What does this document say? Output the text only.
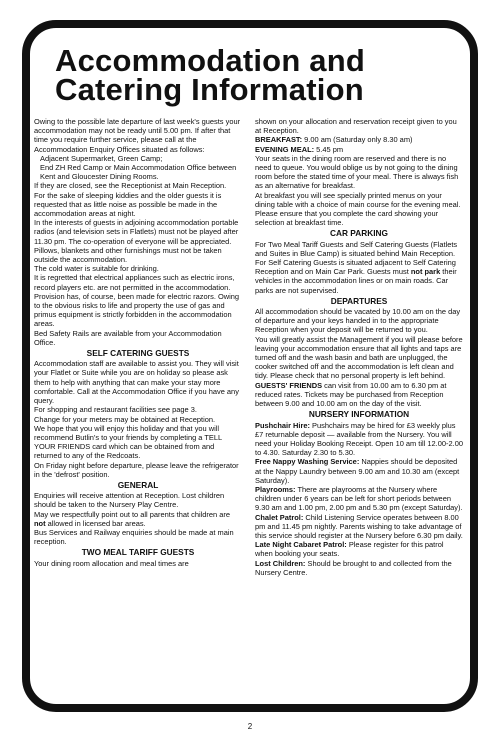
Accommodation and
Catering Information

Owing to the possible late departure of last week's guests your accommodation may not be ready until 5.00 pm. If after that time you require further service, please call at the Accommodation Enquiry Offices situated as follows:

Adjacent Supermarket, Green Camp;

End ZH Red Camp or Main Accommodation Office between Kent and Gloucester Dining Rooms.

If they are closed, see the Receptionist at Main Reception.

For the sake of sleeping kiddies and the older guests it is requested that as little noise as possible be made in the accommodation areas at night.

In the interests of guests in adjoining accommodation portable radios (and television sets in Flatlets) must not be played after 11.30 pm. The co-operation of everyone will be appreciated.

Pillows, blankets and other furnishings must not be taken outside the accommodation.

The cold water is suitable for drinking.

It is regretted that electrical appliances such as electric irons, record players etc. are not permitted in the accommodation. Provision has, of course, been made for electric razors. Owing to the obvious risks to life and property the use of gas and primus equipment is strictly forbidden in the accommodation areas.

Bed Safety Rails are available from your Accommodation Office.

SELF CATERING GUESTS

Accommodation staff are available to assist you. They will visit your Flatlet or Suite while you are on holiday so please ask them to help with anything that can make your stay more comfortable. Call at the Accommodation Office if you have any query.

For shopping and restaurant facilities see page 3.

Change for your meters may be obtained at Reception.

We hope that you will enjoy this holiday and that you will recommend Butlin's to your friends by completing a TELL YOUR FRIENDS card which can be obtained from and returned to any of the Redcoats.

On Friday night before departure, please leave the refrigerator in the 'defrost' position.

GENERAL

Enquiries will receive attention at Reception. Lost children should be taken to the Nursery Play Centre.

May we respectfully point out to all parents that children are not allowed in licensed bar areas.

Bus Services and Railway enquiries should be made at main reception.

TWO MEAL TARIFF GUESTS

Your dining room allocation and meal times are

shown on your allocation and reservation receipt given to you at Reception.

BREAKFAST: 9.00 am (Saturday only 8.30 am)

EVENING MEAL: 5.45 pm

Your seats in the dining room are reserved and there is no need to queue. You would oblige us by not going to the dining room before the stated time of your meal. There is always fish as an alternative for breakfast.

At breakfast you will see specially printed menus on your dining table with a choice of main course for the evening meal.

Please ensure that you complete the card showing your selection at breakfast time.

CAR PARKING

For Two Meal Tariff Guests and Self Catering Guests (Flatlets and Suites in Blue Camp) is situated behind Main Reception. For Self Catering Guests is situated adjacent to Self Catering Reception and on Main Car Park. Guests must not park their vehicles in the accommodation lines or on main roads. Car parks are not supervised.

DEPARTURES

All accommodation should be vacated by 10.00 am on the day of departure and your keys handed in to the appropriate Reception when your deposit will be returned to you.

You will greatly assist the Management if you will please before leaving your accommodation ensure that all lights and taps are turned off and the wash basin and bath are unplugged, the cooker switched off and the accommodation is left clean and tidy. Please check that no personal property is left behind.

GUESTS' FRIENDS can visit from 10.00 am to 6.30 pm at reduced rates. Tickets may be purchased from Reception between 9.00 and 10.00 am on the day of the visit.

NURSERY INFORMATION

Pushchair Hire: Pushchairs may be hired for £3 weekly plus £7 returnable deposit — available from the Nursery. You will need your Holiday Booking Receipt. Open 10 am till 12.00-2.00 to 4.30. Saturday 2.30 to 5.30.

Free Nappy Washing Service: Nappies should be deposited at the Nappy Laundry between 9.00 am and 10.30 am (except Saturday).

Playrooms: There are playrooms at the Nursery where children under 6 years can be left for short periods between 9.30 am and 1.00 pm, 2.00 pm and 5.30 pm (except Saturday).

Chalet Patrol: Child Listening Service operates between 8.00 pm and 11.45 pm nightly. Parents wishing to take advantage of this service should register at the Nursery before 6.30 pm daily.

Late Night Cabaret Patrol: Please register for this patrol when booking your seats.

Lost Children: Should be brought to and collected from the Nursery Centre.

2
